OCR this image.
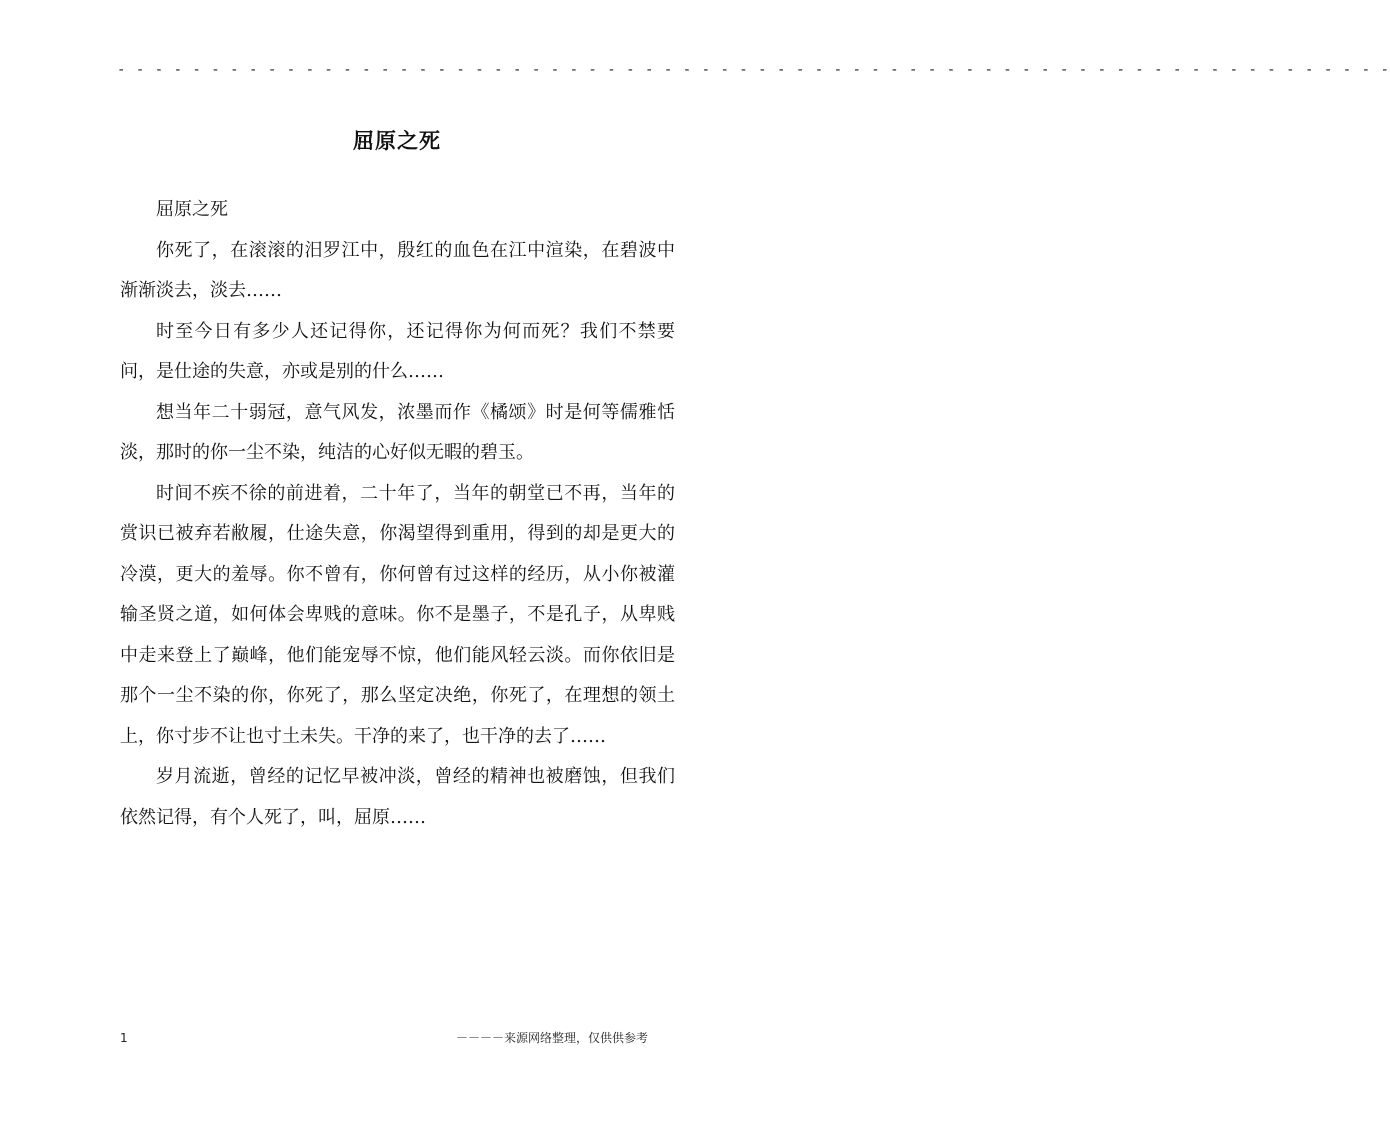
- - - - - - - - - - - - - - - - - - - - - - - - - - - - - - - - - - - - - - - - - - - - - - - - - - - - - - - - - - - - - - - - - - - -
屈原之死

屈原之死

你死了，在滚滚的汨罗江中，殷红的血色在江中渲染，在碧波中渐渐淡去，淡去……

时至今日有多少人还记得你，还记得你为何而死？我们不禁要问，是仕途的失意，亦或是别的什么……

想当年二十弱冠，意气风发，浓墨而作《橘颂》时是何等儒雅恬淡，那时的你一尘不染，纯洁的心好似无暇的碧玉。

时间不疾不徐的前进着，二十年了，当年的朝堂已不再，当年的赏识已被弃若敝履，仕途失意，你渴望得到重用，得到的却是更大的冷漠，更大的羞辱。你不曾有，你何曾有过这样的经历，从小你被灌输圣贤之道，如何体会卑贱的意味。你不是墨子，不是孔子，从卑贱中走来登上了巅峰，他们能宠辱不惊，他们能风轻云淡。而你依旧是那个一尘不染的你，你死了，那么坚定决绝，你死了，在理想的领土上，你寸步不让也寸土未失。干净的来了，也干净的去了……

岁月流逝，曾经的记忆早被冲淡，曾经的精神也被磨蚀，但我们依然记得，有个人死了，叫，屈原……

1	－－－－来源网络整理，仅供供参考
